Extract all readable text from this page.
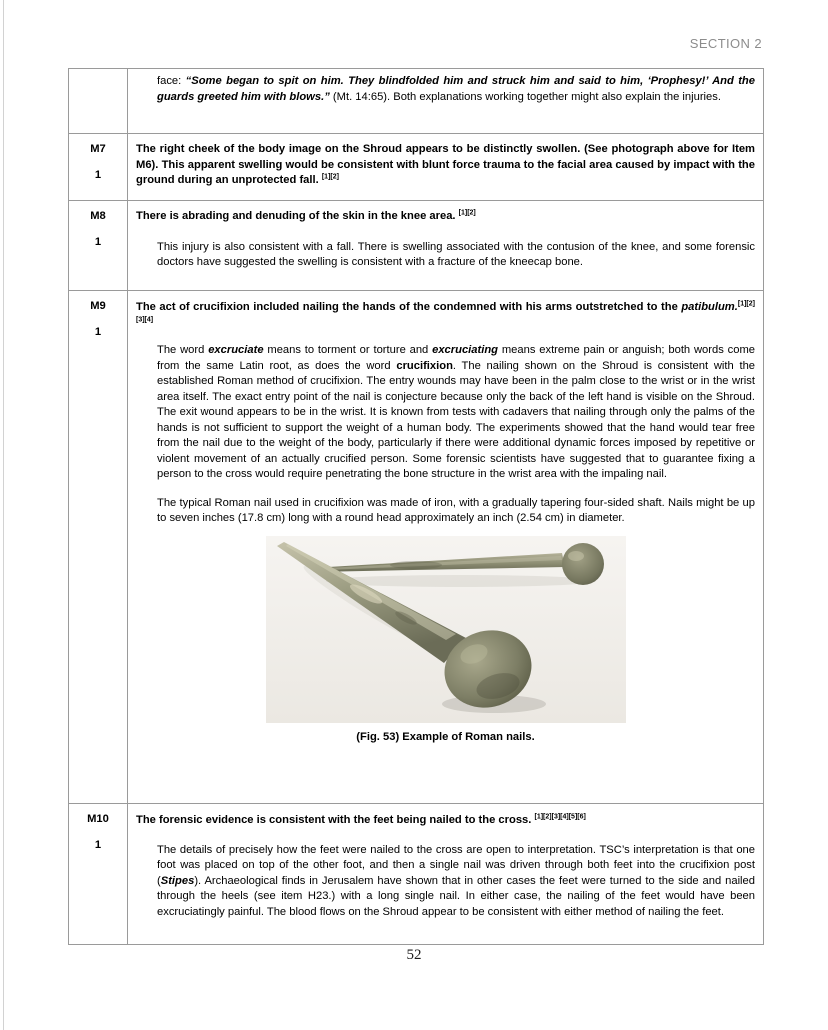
SECTION 2

face: “Some began to spit on him. They blindfolded him and struck him and said to him, ‘Prophesy!’ And the guards greeted him with blows.” (Mt. 14:65). Both explanations working together might also explain the injuries.

M7
1

The right cheek of the body image on the Shroud appears to be distinctly swollen. (See photograph above for Item M6). This apparent swelling would be consistent with blunt force trauma to the facial area caused by impact with the ground during an unprotected fall. [1][2]

M8
1

There is abrading and denuding of the skin in the knee area. [1][2]

This injury is also consistent with a fall. There is swelling associated with the contusion of the knee, and some forensic doctors have suggested the swelling is consistent with a fracture of the kneecap bone.

M9
1

The act of crucifixion included nailing the hands of the condemned with his arms outstretched to the patibulum.[1][2][3][4]

The word excruciate means to torment or torture and excruciating means extreme pain or anguish; both words come from the same Latin root, as does the word crucifixion. The nailing shown on the Shroud is consistent with the established Roman method of crucifixion. The entry wounds may have been in the palm close to the wrist or in the wrist area itself. The exact entry point of the nail is conjecture because only the back of the left hand is visible on the Shroud. The exit wound appears to be in the wrist. It is known from tests with cadavers that nailing through only the palms of the hands is not sufficient to support the weight of a human body. The experiments showed that the hand would tear free from the nail due to the weight of the body, particularly if there were additional dynamic forces imposed by repetitive or violent movement of an actually crucified person. Some forensic scientists have suggested that to guarantee fixing a person to the cross would require penetrating the bone structure in the wrist area with the impaling nail.

The typical Roman nail used in crucifixion was made of iron, with a gradually tapering four-sided shaft. Nails might be up to seven inches (17.8 cm) long with a round head approximately an inch (2.54 cm) in diameter.

(Fig. 53) Example of Roman nails.
M10
1

The forensic evidence is consistent with the feet being nailed to the cross. [1][2][3][4][5][6]

The details of precisely how the feet were nailed to the cross are open to interpretation. TSC’s interpretation is that one foot was placed on top of the other foot, and then a single nail was driven through both feet into the crucifixion post (Stipes). Archaeological finds in Jerusalem have shown that in other cases the feet were turned to the side and nailed through the heels (see item H23.) with a long single nail. In either case, the nailing of the feet would have been excruciatingly painful. The blood flows on the Shroud appear to be consistent with either method of nailing the feet.

52
